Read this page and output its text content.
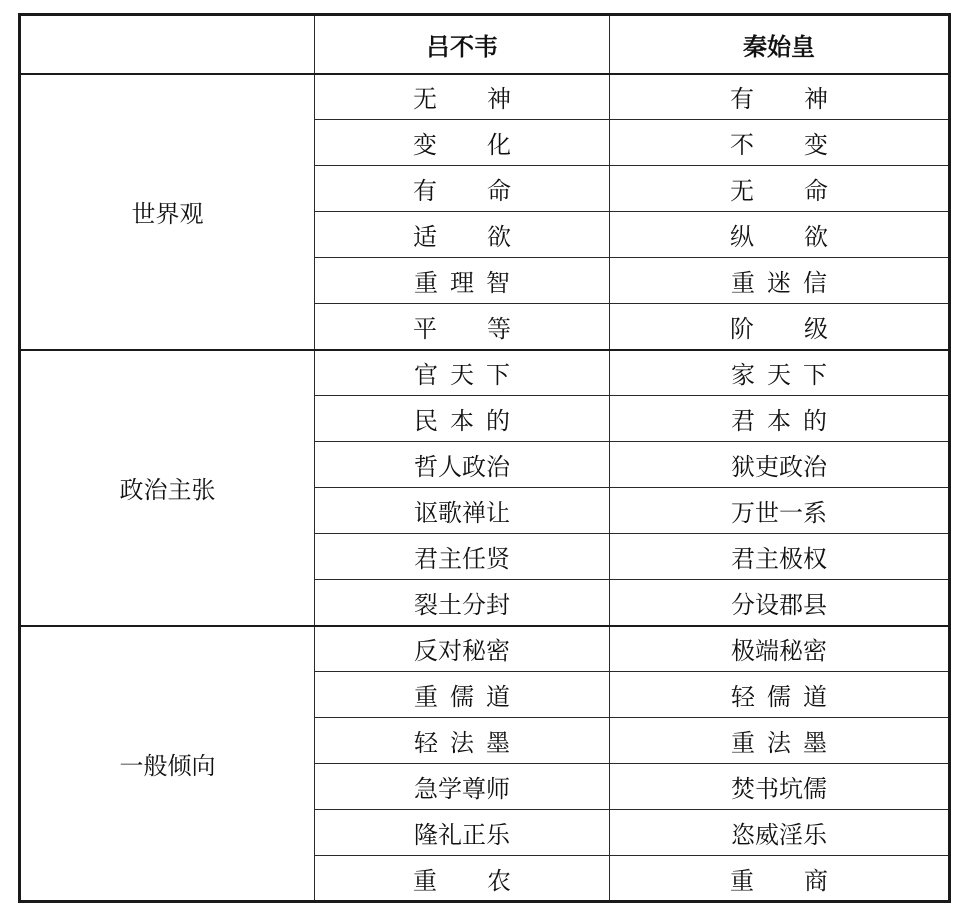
	吕不韦	秦始皇
世界观	无 神	有 神

	变 化	不 变

	有 命	无 命

	适 欲	纵 欲

	重 理 智	重 迷 信

	平 等	阶 级

政治主张	官 天 下	家 天 下
	民 本 的	君 本 的
	哲人政治	狱吏政治
	讴歌禅让	万世一系
	君主任贤	君主极权
	裂土分封	分设郡县
一般倾向	反对秘密	极端秘密
	重 儒 道	轻 儒 道
	轻 法 墨	重 法 墨
	急学尊师	焚书坑儒
	隆礼正乐	恣威淫乐

	重 农	重 商
